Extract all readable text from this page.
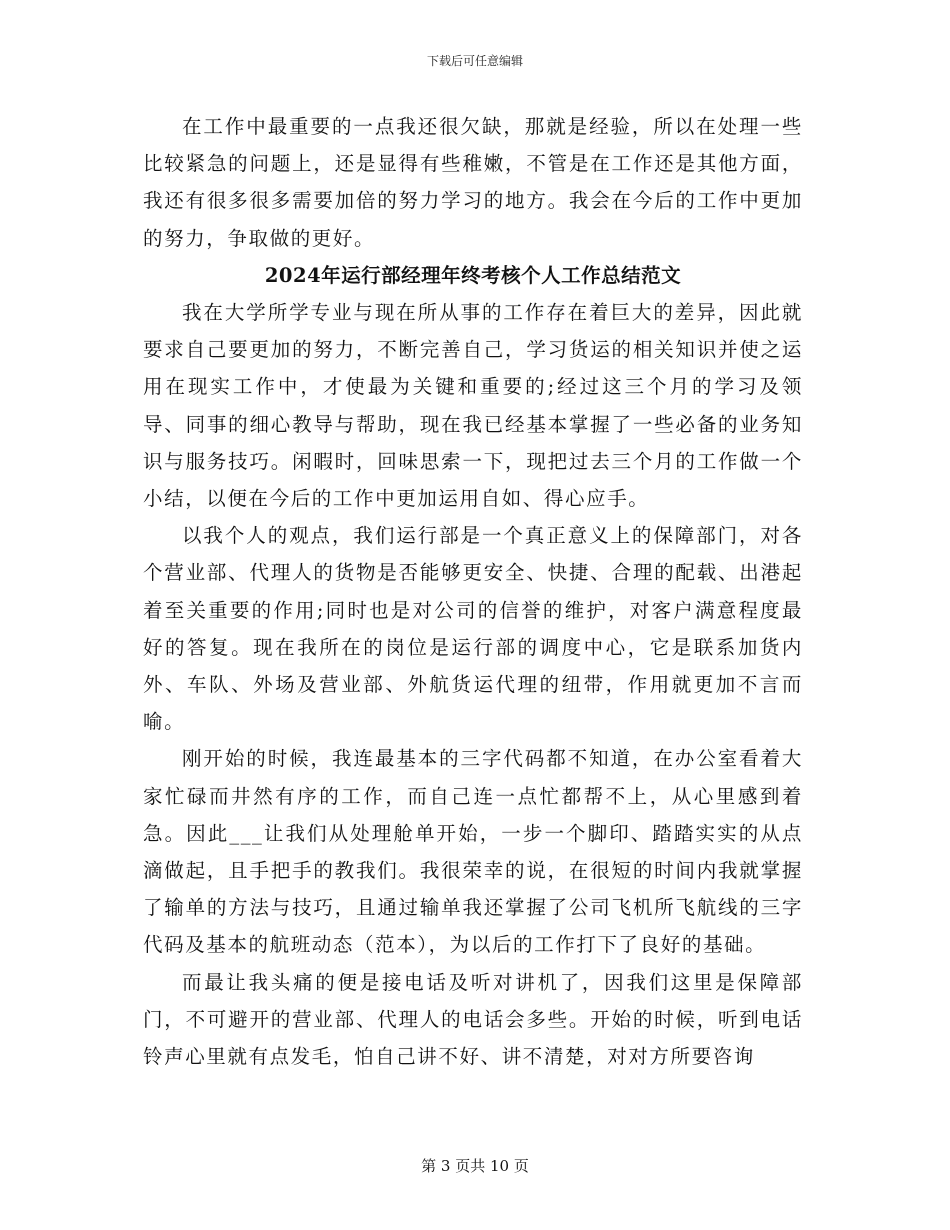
下载后可任意编辑

在工作中最重要的一点我还很欠缺，那就是经验，所以在处理一些比较紧急的问题上，还是显得有些稚嫩，不管是在工作还是其他方面，我还有很多很多需要加倍的努力学习的地方。我会在今后的工作中更加的努力，争取做的更好。

2024年运行部经理年终考核个人工作总结范文

我在大学所学专业与现在所从事的工作存在着巨大的差异，因此就要求自己要更加的努力，不断完善自己，学习货运的相关知识并使之运用在现实工作中，才使最为关键和重要的;经过这三个月的学习及领导、同事的细心教导与帮助，现在我已经基本掌握了一些必备的业务知识与服务技巧。闲暇时，回味思索一下，现把过去三个月的工作做一个小结，以便在今后的工作中更加运用自如、得心应手。

以我个人的观点，我们运行部是一个真正意义上的保障部门，对各个营业部、代理人的货物是否能够更安全、快捷、合理的配载、出港起着至关重要的作用;同时也是对公司的信誉的维护，对客户满意程度最好的答复。现在我所在的岗位是运行部的调度中心，它是联系加货内外、车队、外场及营业部、外航货运代理的纽带，作用就更加不言而喻。

刚开始的时候，我连最基本的三字代码都不知道，在办公室看着大家忙碌而井然有序的工作，而自己连一点忙都帮不上，从心里感到着急。因此___让我们从处理舱单开始，一步一个脚印、踏踏实实的从点滴做起，且手把手的教我们。我很荣幸的说，在很短的时间内我就掌握了输单的方法与技巧，且通过输单我还掌握了公司飞机所飞航线的三字代码及基本的航班动态（范本），为以后的工作打下了良好的基础。

而最让我头痛的便是接电话及听对讲机了，因我们这里是保障部门，不可避开的营业部、代理人的电话会多些。开始的时候，听到电话铃声心里就有点发毛，怕自己讲不好、讲不清楚，对对方所要咨询

第 3 页共 10 页
